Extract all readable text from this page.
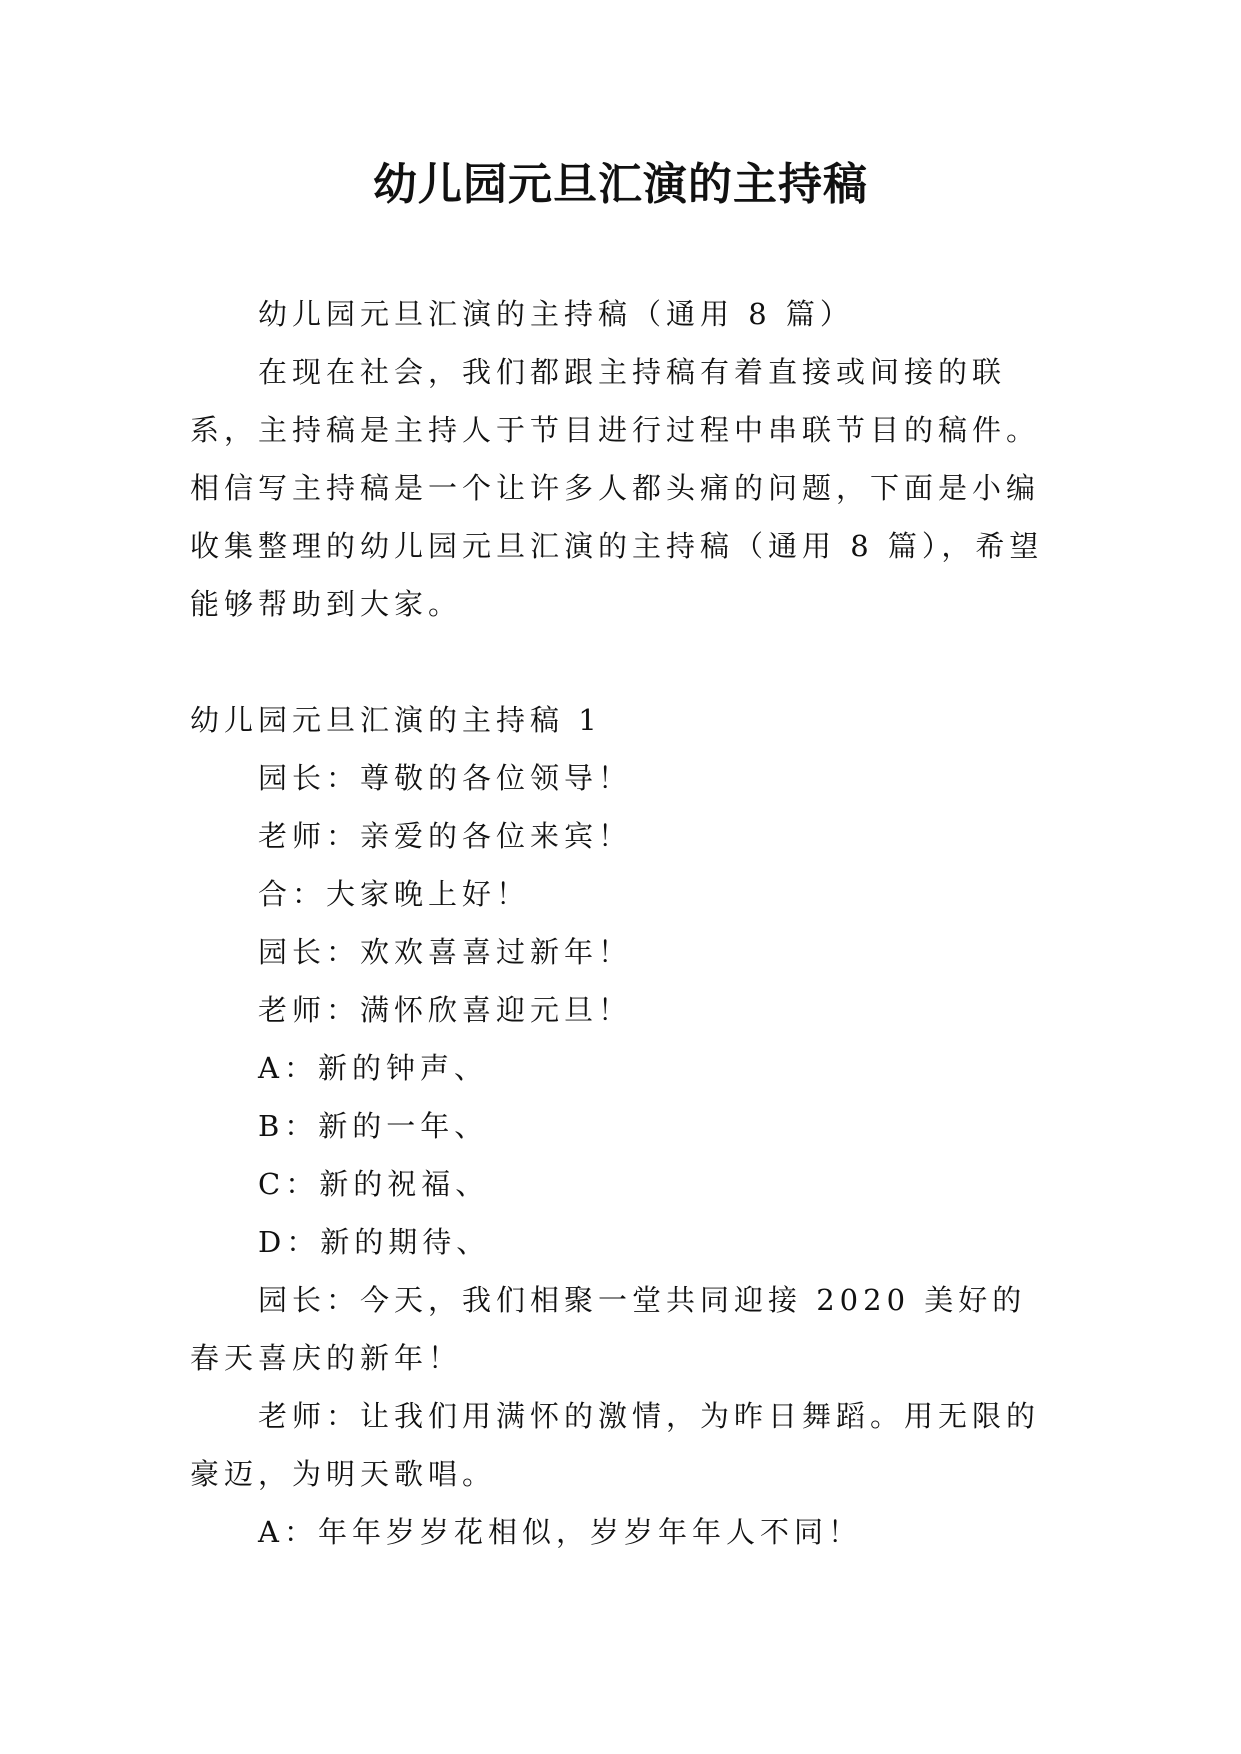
幼儿园元旦汇演的主持稿

幼儿园元旦汇演的主持稿（通用 8 篇）

在现在社会，我们都跟主持稿有着直接或间接的联系，主持稿是主持人于节目进行过程中串联节目的稿件。相信写主持稿是一个让许多人都头痛的问题，下面是小编收集整理的幼儿园元旦汇演的主持稿（通用 8 篇），希望能够帮助到大家。

幼儿园元旦汇演的主持稿 1

园长：尊敬的各位领导！

老师：亲爱的各位来宾！

合：大家晚上好！

园长：欢欢喜喜过新年！

老师：满怀欣喜迎元旦！

A：新的钟声、

B：新的一年、

C：新的祝福、

D：新的期待、

园长：今天，我们相聚一堂共同迎接 2020 美好的春天喜庆的新年！

老师：让我们用满怀的激情，为昨日舞蹈。用无限的豪迈，为明天歌唱。

A：年年岁岁花相似，岁岁年年人不同！
